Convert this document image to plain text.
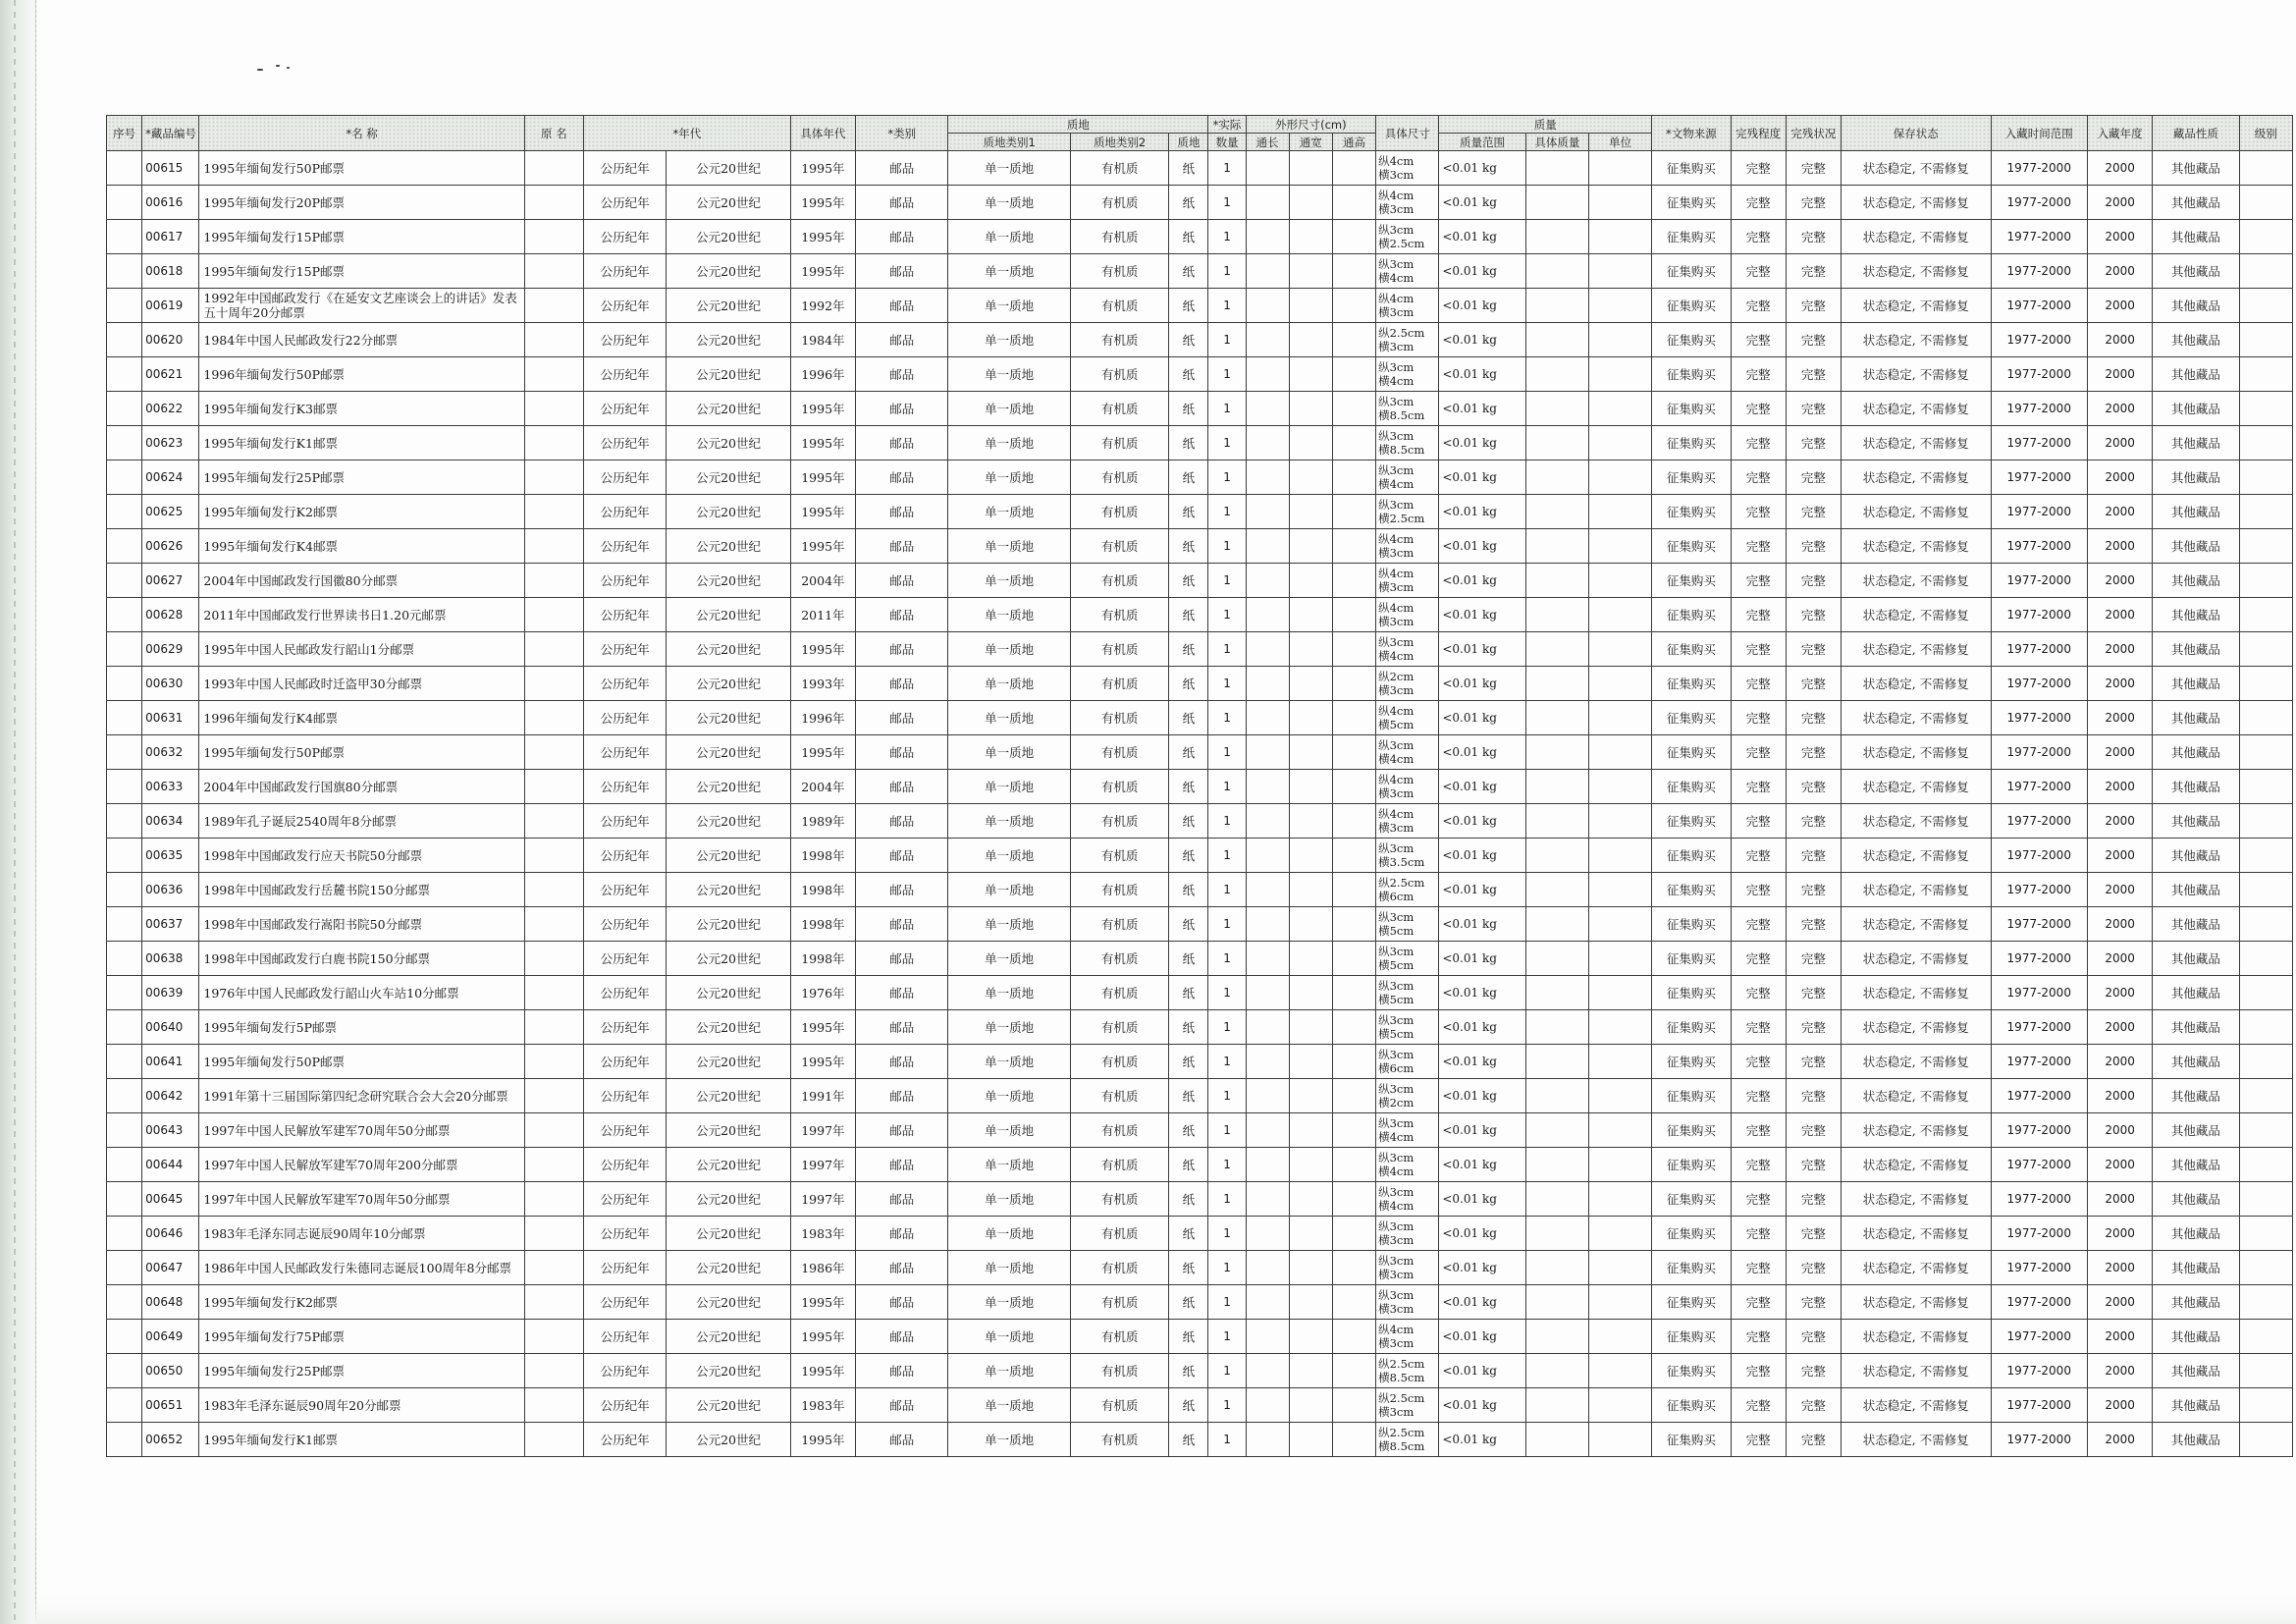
序号	*藏品编号	*名 称	原 名	*年代		具体年代	*类别	质地			*实际	外形尺寸(cm)			具体尺寸	质量			*文物来源	完残程度	完残状况	保存状态	入藏时间范围	入藏年度	藏品性质	级别
								质地类别1	质地类别2	质地	数量	通长	通宽	通高		质量范围	具体质量	单位								
	00615	1995年缅甸发行50P邮票		公历纪年	公元20世纪	1995年	邮品	单一质地	有机质	纸	1				纵4cm
横3cm	<0.01 kg			征集购买	完整	完整	状态稳定, 不需修复	1977-2000	2000	其他藏品	
	00616	1995年缅甸发行20P邮票		公历纪年	公元20世纪	1995年	邮品	单一质地	有机质	纸	1				纵4cm
横3cm	<0.01 kg			征集购买	完整	完整	状态稳定, 不需修复	1977-2000	2000	其他藏品	
	00617	1995年缅甸发行15P邮票		公历纪年	公元20世纪	1995年	邮品	单一质地	有机质	纸	1				纵3cm
横2.5cm	<0.01 kg			征集购买	完整	完整	状态稳定, 不需修复	1977-2000	2000	其他藏品	
	00618	1995年缅甸发行15P邮票		公历纪年	公元20世纪	1995年	邮品	单一质地	有机质	纸	1				纵3cm
横4cm	<0.01 kg			征集购买	完整	完整	状态稳定, 不需修复	1977-2000	2000	其他藏品	
	00619	1992年中国邮政发行《在延安文艺座谈会上的讲话》发表五十周年20分邮票		公历纪年	公元20世纪	1992年	邮品	单一质地	有机质	纸	1				纵4cm
横3cm	<0.01 kg			征集购买	完整	完整	状态稳定, 不需修复	1977-2000	2000	其他藏品	
	00620	1984年中国人民邮政发行22分邮票		公历纪年	公元20世纪	1984年	邮品	单一质地	有机质	纸	1				纵2.5cm
横3cm	<0.01 kg			征集购买	完整	完整	状态稳定, 不需修复	1977-2000	2000	其他藏品	
	00621	1996年缅甸发行50P邮票		公历纪年	公元20世纪	1996年	邮品	单一质地	有机质	纸	1				纵3cm
横4cm	<0.01 kg			征集购买	完整	完整	状态稳定, 不需修复	1977-2000	2000	其他藏品	
	00622	1995年缅甸发行K3邮票		公历纪年	公元20世纪	1995年	邮品	单一质地	有机质	纸	1				纵3cm
横8.5cm	<0.01 kg			征集购买	完整	完整	状态稳定, 不需修复	1977-2000	2000	其他藏品	
	00623	1995年缅甸发行K1邮票		公历纪年	公元20世纪	1995年	邮品	单一质地	有机质	纸	1				纵3cm
横8.5cm	<0.01 kg			征集购买	完整	完整	状态稳定, 不需修复	1977-2000	2000	其他藏品	
	00624	1995年缅甸发行25P邮票		公历纪年	公元20世纪	1995年	邮品	单一质地	有机质	纸	1				纵3cm
横4cm	<0.01 kg			征集购买	完整	完整	状态稳定, 不需修复	1977-2000	2000	其他藏品	
	00625	1995年缅甸发行K2邮票		公历纪年	公元20世纪	1995年	邮品	单一质地	有机质	纸	1				纵3cm
横2.5cm	<0.01 kg			征集购买	完整	完整	状态稳定, 不需修复	1977-2000	2000	其他藏品	
	00626	1995年缅甸发行K4邮票		公历纪年	公元20世纪	1995年	邮品	单一质地	有机质	纸	1				纵4cm
横3cm	<0.01 kg			征集购买	完整	完整	状态稳定, 不需修复	1977-2000	2000	其他藏品	
	00627	2004年中国邮政发行国徽80分邮票		公历纪年	公元20世纪	2004年	邮品	单一质地	有机质	纸	1				纵4cm
横3cm	<0.01 kg			征集购买	完整	完整	状态稳定, 不需修复	1977-2000	2000	其他藏品	
	00628	2011年中国邮政发行世界读书日1.20元邮票		公历纪年	公元20世纪	2011年	邮品	单一质地	有机质	纸	1				纵4cm
横3cm	<0.01 kg			征集购买	完整	完整	状态稳定, 不需修复	1977-2000	2000	其他藏品	
	00629	1995年中国人民邮政发行韶山1分邮票		公历纪年	公元20世纪	1995年	邮品	单一质地	有机质	纸	1				纵3cm
横4cm	<0.01 kg			征集购买	完整	完整	状态稳定, 不需修复	1977-2000	2000	其他藏品	
	00630	1993年中国人民邮政时迁盗甲30分邮票		公历纪年	公元20世纪	1993年	邮品	单一质地	有机质	纸	1				纵2cm
横3cm	<0.01 kg			征集购买	完整	完整	状态稳定, 不需修复	1977-2000	2000	其他藏品	
	00631	1996年缅甸发行K4邮票		公历纪年	公元20世纪	1996年	邮品	单一质地	有机质	纸	1				纵4cm
横5cm	<0.01 kg			征集购买	完整	完整	状态稳定, 不需修复	1977-2000	2000	其他藏品	
	00632	1995年缅甸发行50P邮票		公历纪年	公元20世纪	1995年	邮品	单一质地	有机质	纸	1				纵3cm
横4cm	<0.01 kg			征集购买	完整	完整	状态稳定, 不需修复	1977-2000	2000	其他藏品	
	00633	2004年中国邮政发行国旗80分邮票		公历纪年	公元20世纪	2004年	邮品	单一质地	有机质	纸	1				纵4cm
横3cm	<0.01 kg			征集购买	完整	完整	状态稳定, 不需修复	1977-2000	2000	其他藏品	
	00634	1989年孔子诞辰2540周年8分邮票		公历纪年	公元20世纪	1989年	邮品	单一质地	有机质	纸	1				纵4cm
横3cm	<0.01 kg			征集购买	完整	完整	状态稳定, 不需修复	1977-2000	2000	其他藏品	
	00635	1998年中国邮政发行应天书院50分邮票		公历纪年	公元20世纪	1998年	邮品	单一质地	有机质	纸	1				纵3cm
横3.5cm	<0.01 kg			征集购买	完整	完整	状态稳定, 不需修复	1977-2000	2000	其他藏品	
	00636	1998年中国邮政发行岳麓书院150分邮票		公历纪年	公元20世纪	1998年	邮品	单一质地	有机质	纸	1				纵2.5cm
横6cm	<0.01 kg			征集购买	完整	完整	状态稳定, 不需修复	1977-2000	2000	其他藏品	
	00637	1998年中国邮政发行嵩阳书院50分邮票		公历纪年	公元20世纪	1998年	邮品	单一质地	有机质	纸	1				纵3cm
横5cm	<0.01 kg			征集购买	完整	完整	状态稳定, 不需修复	1977-2000	2000	其他藏品	
	00638	1998年中国邮政发行白鹿书院150分邮票		公历纪年	公元20世纪	1998年	邮品	单一质地	有机质	纸	1				纵3cm
横5cm	<0.01 kg			征集购买	完整	完整	状态稳定, 不需修复	1977-2000	2000	其他藏品	
	00639	1976年中国人民邮政发行韶山火车站10分邮票		公历纪年	公元20世纪	1976年	邮品	单一质地	有机质	纸	1				纵3cm
横5cm	<0.01 kg			征集购买	完整	完整	状态稳定, 不需修复	1977-2000	2000	其他藏品	
	00640	1995年缅甸发行5P邮票		公历纪年	公元20世纪	1995年	邮品	单一质地	有机质	纸	1				纵3cm
横5cm	<0.01 kg			征集购买	完整	完整	状态稳定, 不需修复	1977-2000	2000	其他藏品	
	00641	1995年缅甸发行50P邮票		公历纪年	公元20世纪	1995年	邮品	单一质地	有机质	纸	1				纵3cm
横6cm	<0.01 kg			征集购买	完整	完整	状态稳定, 不需修复	1977-2000	2000	其他藏品	
	00642	1991年第十三届国际第四纪念研究联合会大会20分邮票		公历纪年	公元20世纪	1991年	邮品	单一质地	有机质	纸	1				纵3cm
横2cm	<0.01 kg			征集购买	完整	完整	状态稳定, 不需修复	1977-2000	2000	其他藏品	
	00643	1997年中国人民解放军建军70周年50分邮票		公历纪年	公元20世纪	1997年	邮品	单一质地	有机质	纸	1				纵3cm
横4cm	<0.01 kg			征集购买	完整	完整	状态稳定, 不需修复	1977-2000	2000	其他藏品	
	00644	1997年中国人民解放军建军70周年200分邮票		公历纪年	公元20世纪	1997年	邮品	单一质地	有机质	纸	1				纵3cm
横4cm	<0.01 kg			征集购买	完整	完整	状态稳定, 不需修复	1977-2000	2000	其他藏品	
	00645	1997年中国人民解放军建军70周年50分邮票		公历纪年	公元20世纪	1997年	邮品	单一质地	有机质	纸	1				纵3cm
横4cm	<0.01 kg			征集购买	完整	完整	状态稳定, 不需修复	1977-2000	2000	其他藏品	
	00646	1983年毛泽东同志诞辰90周年10分邮票		公历纪年	公元20世纪	1983年	邮品	单一质地	有机质	纸	1				纵3cm
横3cm	<0.01 kg			征集购买	完整	完整	状态稳定, 不需修复	1977-2000	2000	其他藏品	
	00647	1986年中国人民邮政发行朱德同志诞辰100周年8分邮票		公历纪年	公元20世纪	1986年	邮品	单一质地	有机质	纸	1				纵3cm
横3cm	<0.01 kg			征集购买	完整	完整	状态稳定, 不需修复	1977-2000	2000	其他藏品	
	00648	1995年缅甸发行K2邮票		公历纪年	公元20世纪	1995年	邮品	单一质地	有机质	纸	1				纵3cm
横3cm	<0.01 kg			征集购买	完整	完整	状态稳定, 不需修复	1977-2000	2000	其他藏品	
	00649	1995年缅甸发行75P邮票		公历纪年	公元20世纪	1995年	邮品	单一质地	有机质	纸	1				纵4cm
横3cm	<0.01 kg			征集购买	完整	完整	状态稳定, 不需修复	1977-2000	2000	其他藏品	
	00650	1995年缅甸发行25P邮票		公历纪年	公元20世纪	1995年	邮品	单一质地	有机质	纸	1				纵2.5cm
横8.5cm	<0.01 kg			征集购买	完整	完整	状态稳定, 不需修复	1977-2000	2000	其他藏品	
	00651	1983年毛泽东诞辰90周年20分邮票		公历纪年	公元20世纪	1983年	邮品	单一质地	有机质	纸	1				纵2.5cm
横3cm	<0.01 kg			征集购买	完整	完整	状态稳定, 不需修复	1977-2000	2000	其他藏品	
	00652	1995年缅甸发行K1邮票		公历纪年	公元20世纪	1995年	邮品	单一质地	有机质	纸	1				纵2.5cm
横8.5cm	<0.01 kg			征集购买	完整	完整	状态稳定, 不需修复	1977-2000	2000	其他藏品	
